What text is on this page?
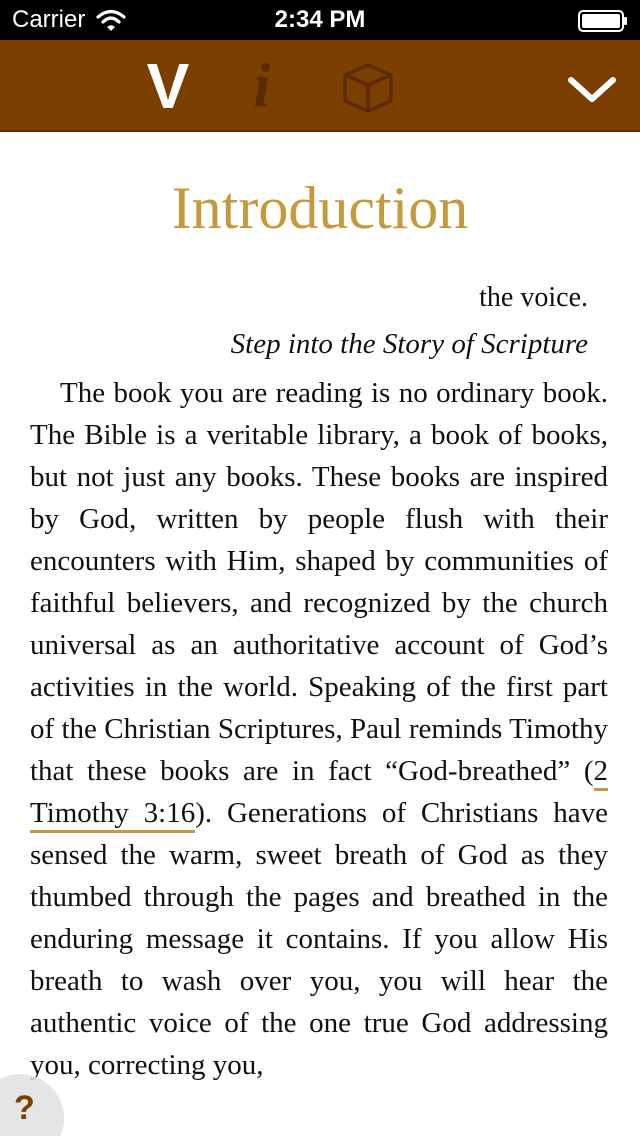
Carrier	2:34 PM
V i
Introduction
the voice.
Step into the Story of Scripture

The book you are reading is no ordinary book. The Bible is a veritable library, a book of books, but not just any books. These books are inspired by God, written by people flush with their encounters with Him, shaped by communities of faithful believers, and recognized by the church universal as an authoritative account of God’s activities in the world. Speaking of the first part of the Christian Scriptures, Paul reminds Timothy that these books are in fact “God-breathed” (2 Timothy 3:16). Generations of Christians have sensed the warm, sweet breath of God as they thumbed through the pages and breathed in the enduring message it contains. If you allow His breath to wash over you, you will hear the authentic voice of the one true God addressing you, correcting you,

?
